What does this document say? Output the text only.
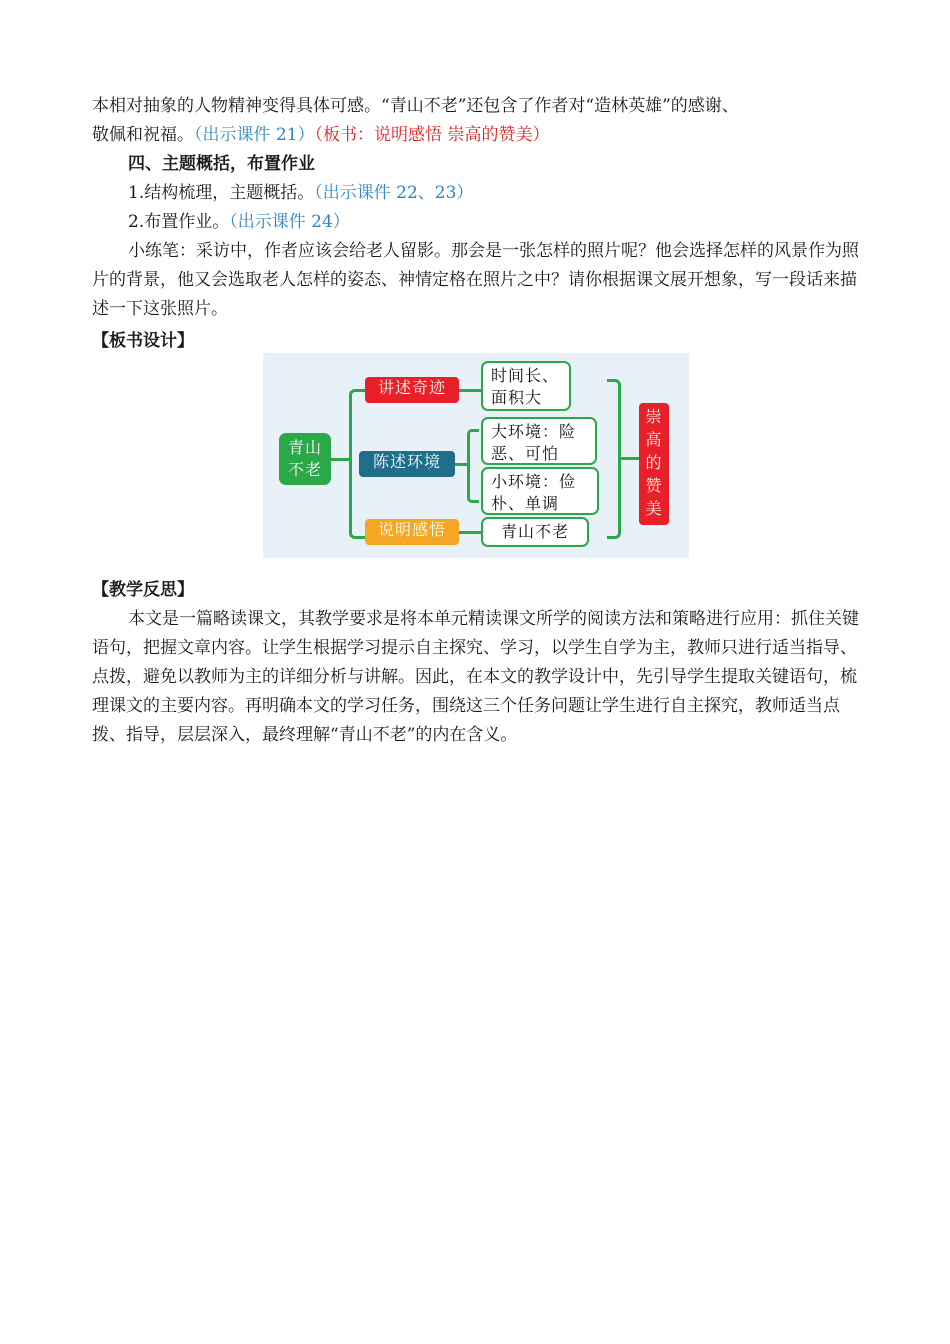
本相对抽象的人物精神变得具体可感。“青山不老”还包含了作者对“造林英雄”的感谢、

敬佩和祝福。（出示课件 21）（板书：说明感悟 崇高的赞美）

四、主题概括，布置作业

1.结构梳理，主题概括。（出示课件 22、23）

2.布置作业。（出示课件 24）

小练笔：采访中，作者应该会给老人留影。那会是一张怎样的照片呢？他会选择怎样的风景作为照片的背景，他又会选取老人怎样的姿态、神情定格在照片之中？请你根据课文展开想象，写一段话来描述一下这张照片。

【板书设计】

青山
不老
讲述奇迹
陈述环境
说明感悟
时间长、
面积大
大环境：险
恶、可怕
小环境：俭
朴、单调
青山不老
崇
高
的
赞
美

【教学反思】

本文是一篇略读课文，其教学要求是将本单元精读课文所学的阅读方法和策略进行应用：抓住关键语句，把握文章内容。让学生根据学习提示自主探究、学习，以学生自学为主，教师只进行适当指导、点拨，避免以教师为主的详细分析与讲解。因此，在本文的教学设计中，先引导学生提取关键语句，梳理课文的主要内容。再明确本文的学习任务，围绕这三个任务问题让学生进行自主探究，教师适当点拨、指导，层层深入，最终理解“青山不老”的内在含义。
